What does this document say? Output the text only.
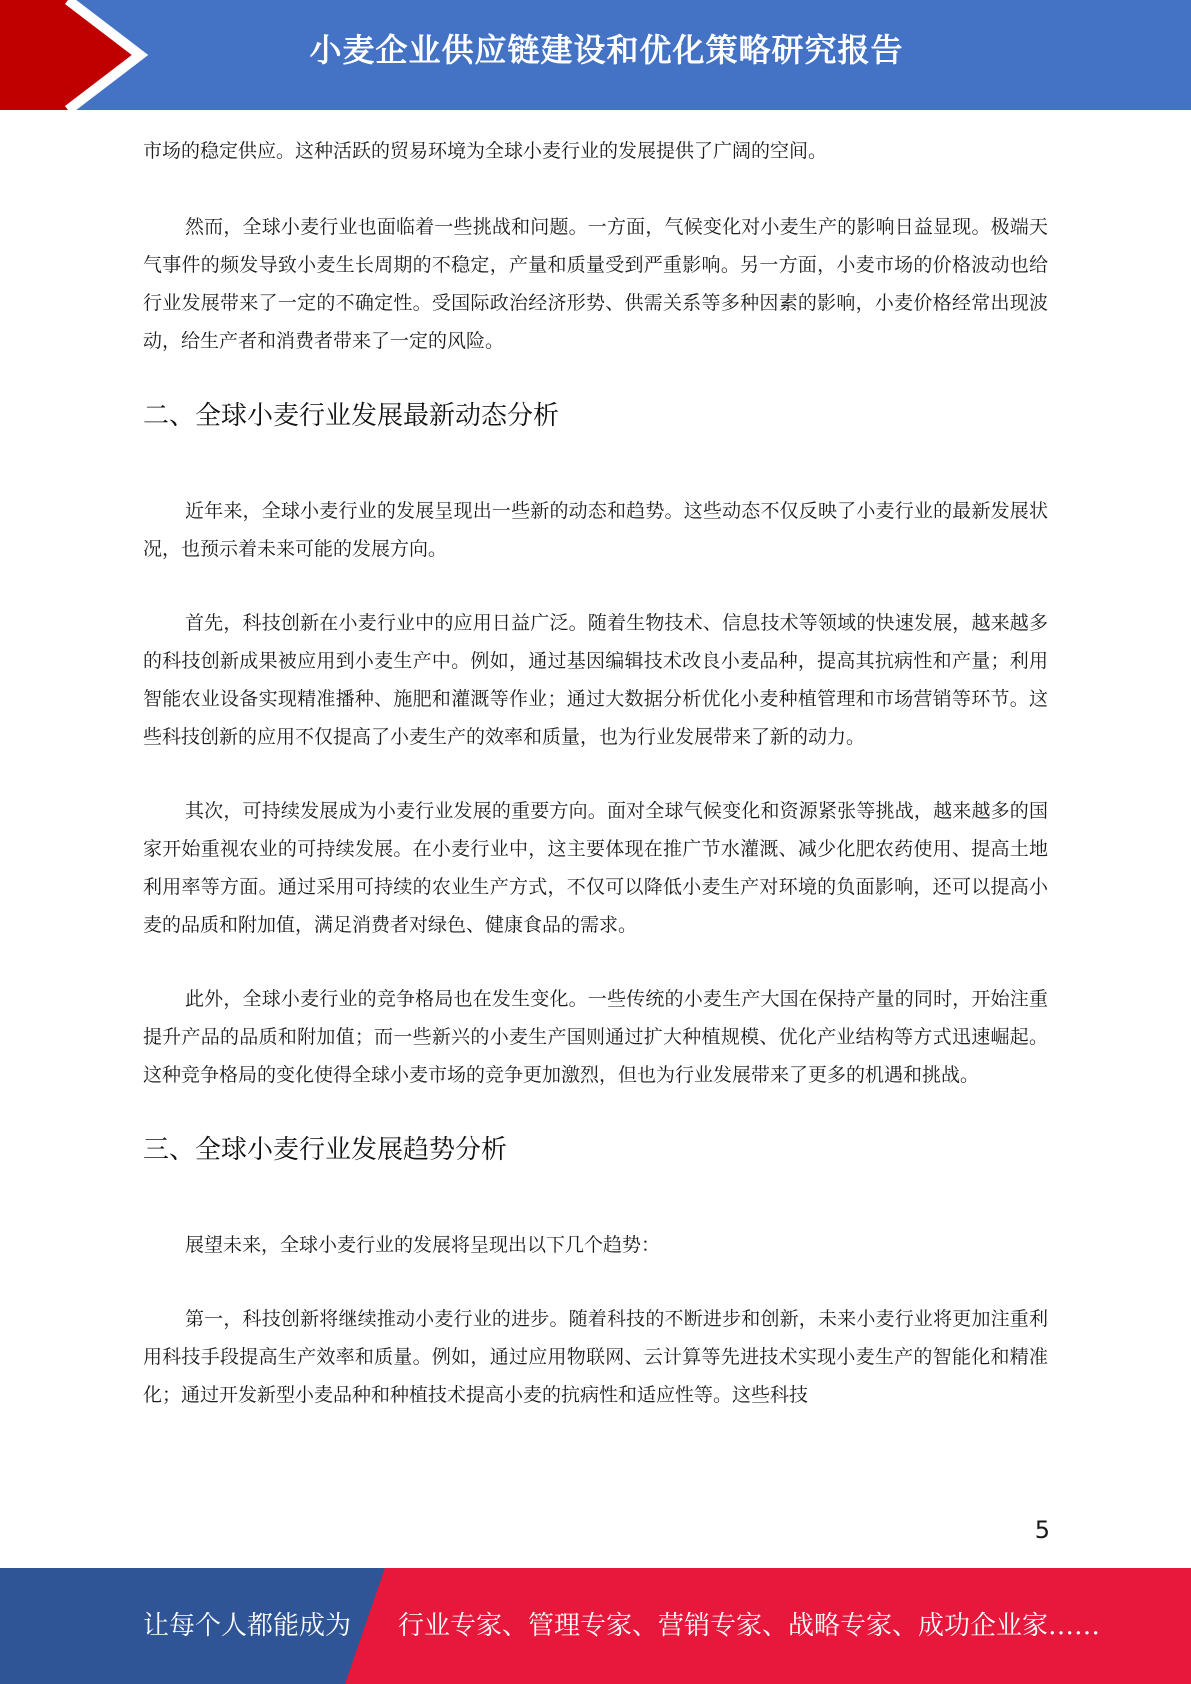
小麦企业供应链建设和优化策略研究报告

市场的稳定供应。这种活跃的贸易环境为全球小麦行业的发展提供了广阔的空间。

然而，全球小麦行业也面临着一些挑战和问题。一方面，气候变化对小麦生产的影响日益显现。极端天气事件的频发导致小麦生长周期的不稳定，产量和质量受到严重影响。另一方面，小麦市场的价格波动也给行业发展带来了一定的不确定性。受国际政治经济形势、供需关系等多种因素的影响，小麦价格经常出现波动，给生产者和消费者带来了一定的风险。

二、全球小麦行业发展最新动态分析

近年来，全球小麦行业的发展呈现出一些新的动态和趋势。这些动态不仅反映了小麦行业的最新发展状况，也预示着未来可能的发展方向。

首先，科技创新在小麦行业中的应用日益广泛。随着生物技术、信息技术等领域的快速发展，越来越多的科技创新成果被应用到小麦生产中。例如，通过基因编辑技术改良小麦品种，提高其抗病性和产量；利用智能农业设备实现精准播种、施肥和灌溉等作业；通过大数据分析优化小麦种植管理和市场营销等环节。这些科技创新的应用不仅提高了小麦生产的效率和质量，也为行业发展带来了新的动力。

其次，可持续发展成为小麦行业发展的重要方向。面对全球气候变化和资源紧张等挑战，越来越多的国家开始重视农业的可持续发展。在小麦行业中，这主要体现在推广节水灌溉、减少化肥农药使用、提高土地利用率等方面。通过采用可持续的农业生产方式，不仅可以降低小麦生产对环境的负面影响，还可以提高小麦的品质和附加值，满足消费者对绿色、健康食品的需求。

此外，全球小麦行业的竞争格局也在发生变化。一些传统的小麦生产大国在保持产量的同时，开始注重提升产品的品质和附加值；而一些新兴的小麦生产国则通过扩大种植规模、优化产业结构等方式迅速崛起。这种竞争格局的变化使得全球小麦市场的竞争更加激烈，但也为行业发展带来了更多的机遇和挑战。

三、全球小麦行业发展趋势分析

展望未来，全球小麦行业的发展将呈现出以下几个趋势：

第一，科技创新将继续推动小麦行业的进步。随着科技的不断进步和创新，未来小麦行业将更加注重利用科技手段提高生产效率和质量。例如，通过应用物联网、云计算等先进技术实现小麦生产的智能化和精准化；通过开发新型小麦品种和种植技术提高小麦的抗病性和适应性等。这些科技

5
让每个人都能成为 行业专家、管理专家、营销专家、战略专家、成功企业家……
